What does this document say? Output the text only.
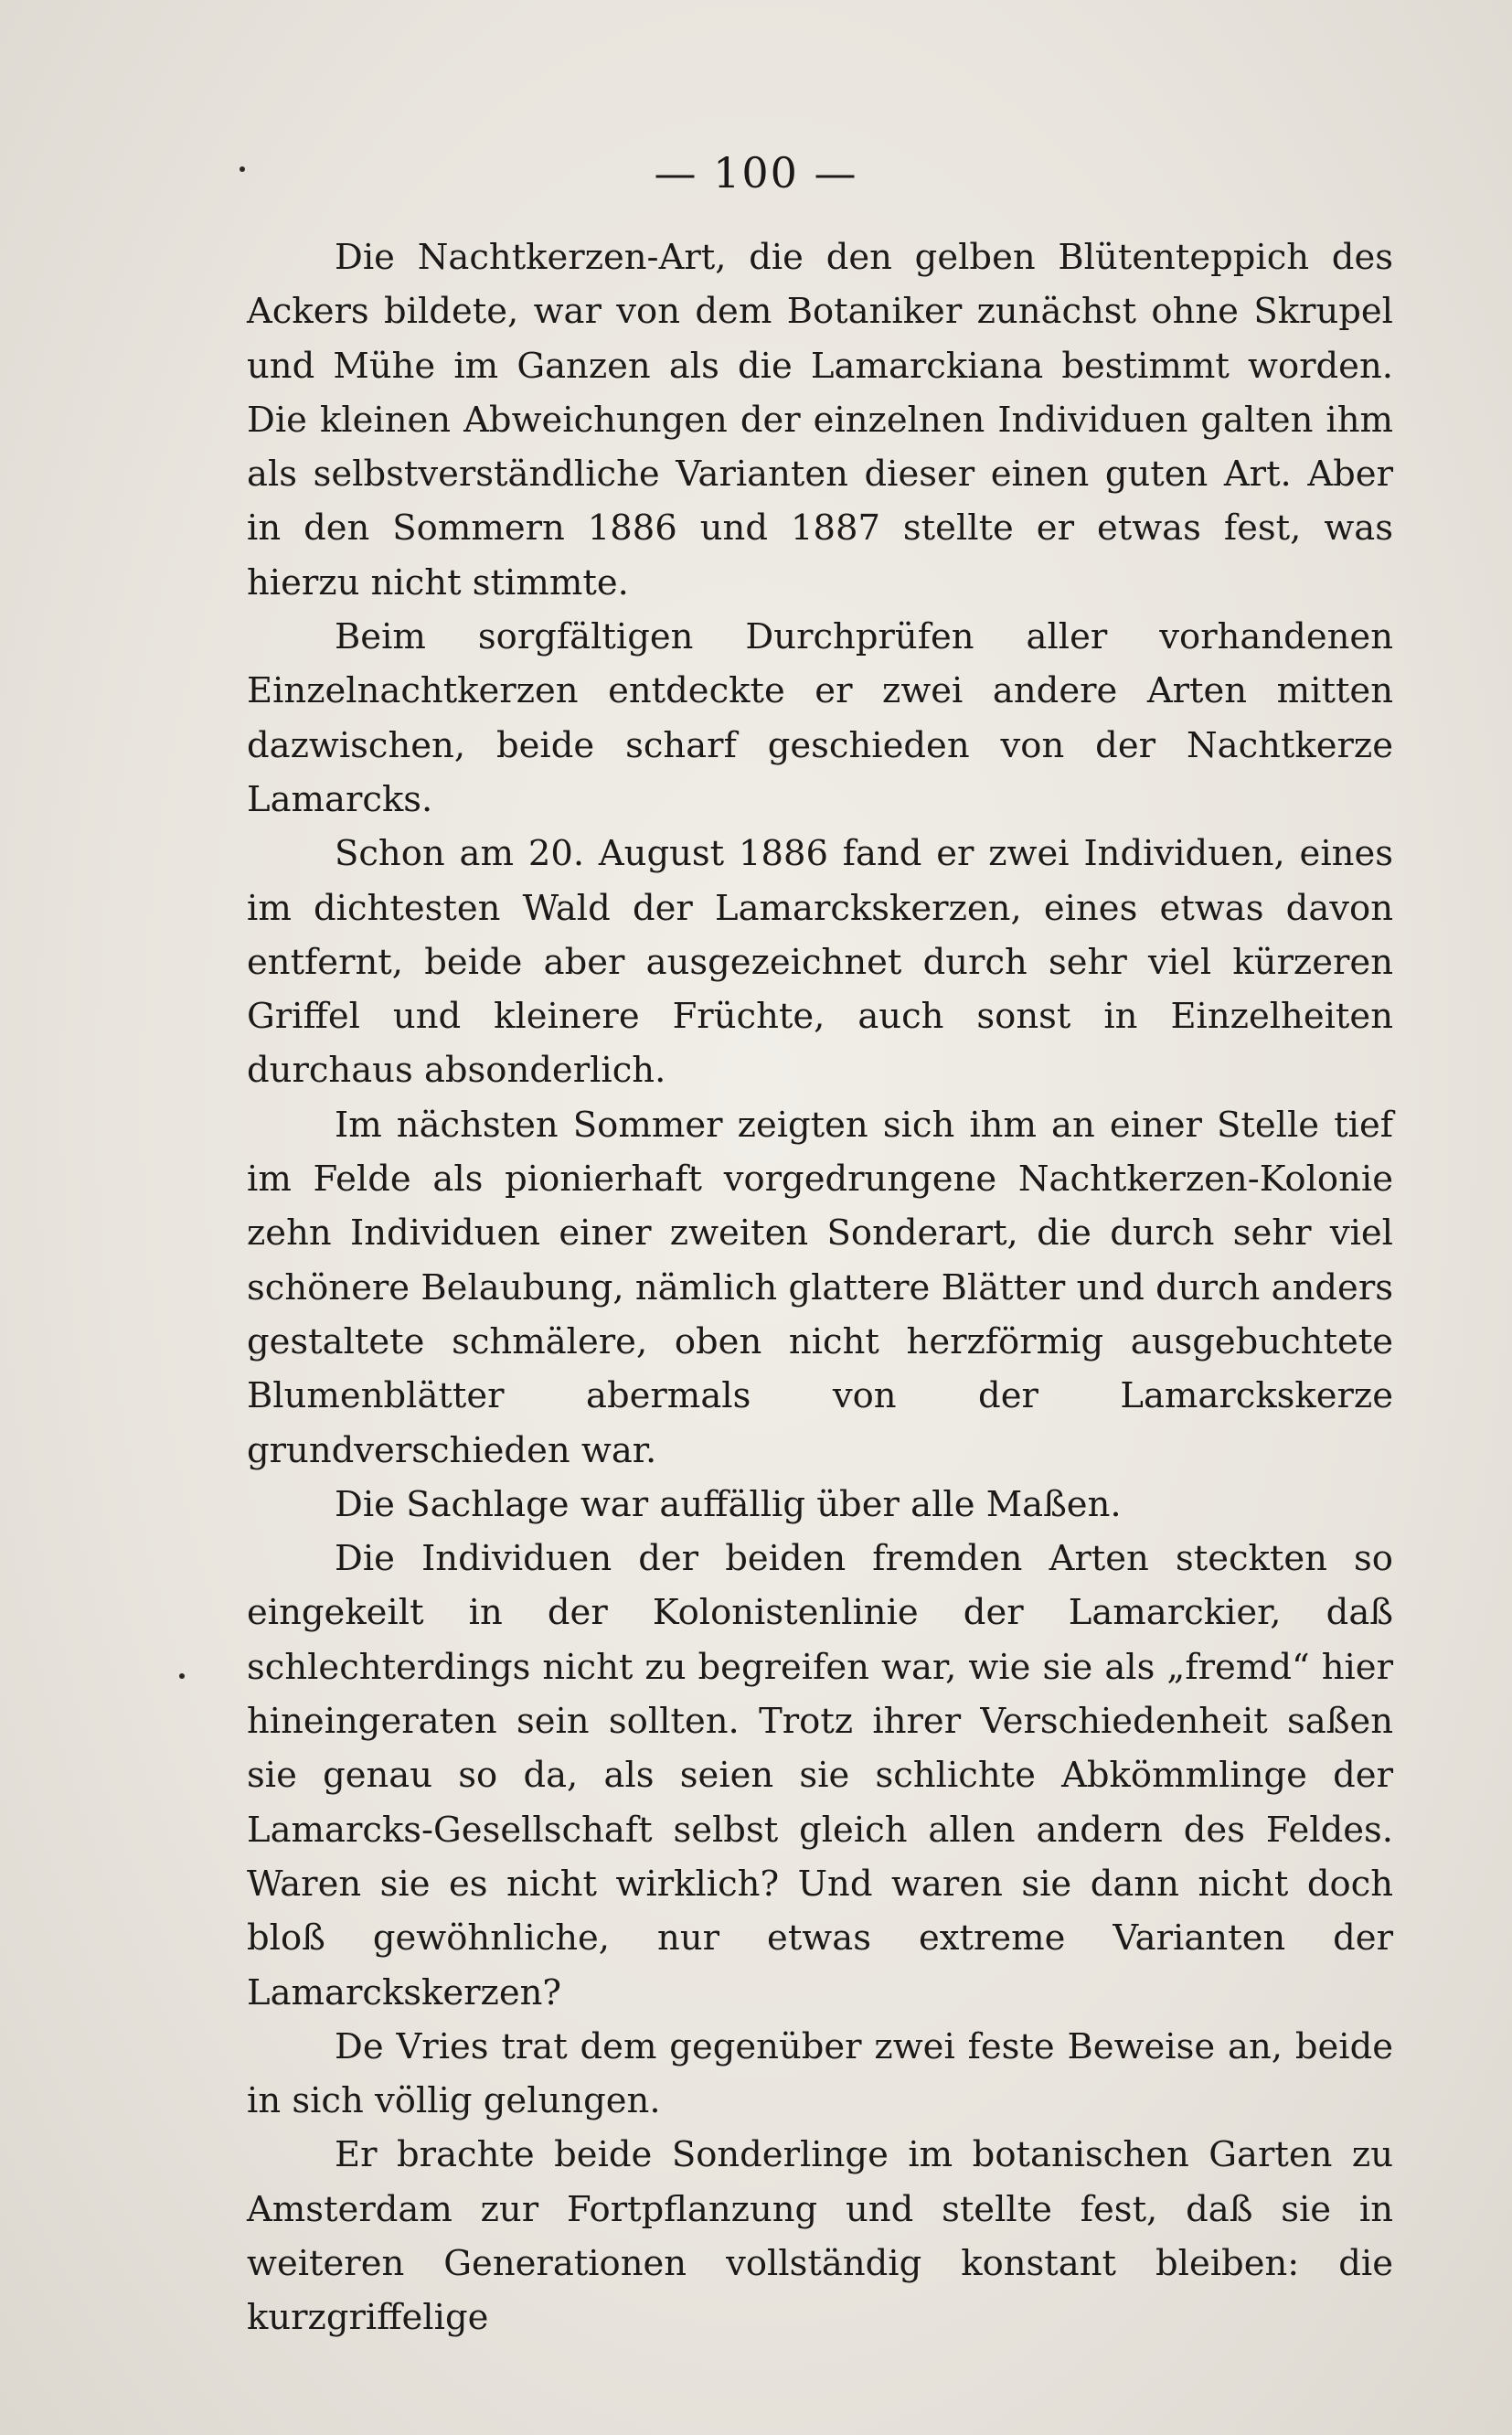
— 100 —

Die Nachtkerzen-Art, die den gelben Blütenteppich des Ackers bildete, war von dem Botaniker zunächst ohne Skrupel und Mühe im Ganzen als die Lamarckiana bestimmt worden. Die kleinen Abweichungen der einzelnen Individuen galten ihm als selbstverständliche Varianten dieser einen guten Art. Aber in den Sommern 1886 und 1887 stellte er etwas fest, was hierzu nicht stimmte.

Beim sorgfältigen Durchprüfen aller vorhandenen Einzelnachtkerzen entdeckte er zwei andere Arten mitten dazwischen, beide scharf geschieden von der Nachtkerze Lamarcks.

Schon am 20. August 1886 fand er zwei Individuen, eines im dichtesten Wald der Lamarckskerzen, eines etwas davon entfernt, beide aber ausgezeichnet durch sehr viel kürzeren Griffel und kleinere Früchte, auch sonst in Einzelheiten durchaus absonderlich.

Im nächsten Sommer zeigten sich ihm an einer Stelle tief im Felde als pionierhaft vorgedrungene Nachtkerzen-Kolonie zehn Individuen einer zweiten Sonderart, die durch sehr viel schönere Belaubung, nämlich glattere Blätter und durch anders gestaltete schmälere, oben nicht herzförmig ausgebuchtete Blumenblätter abermals von der Lamarckskerze grundverschieden war.

Die Sachlage war auffällig über alle Maßen.

Die Individuen der beiden fremden Arten steckten so eingekeilt in der Kolonistenlinie der Lamarckier, daß schlechterdings nicht zu begreifen war, wie sie als „fremd“ hier hineingeraten sein sollten. Trotz ihrer Verschiedenheit saßen sie genau so da, als seien sie schlichte Abkömmlinge der Lamarcks-Gesellschaft selbst gleich allen andern des Feldes. Waren sie es nicht wirklich? Und waren sie dann nicht doch bloß gewöhnliche, nur etwas extreme Varianten der Lamarckskerzen?

De Vries trat dem gegenüber zwei feste Beweise an, beide in sich völlig gelungen.

Er brachte beide Sonderlinge im botanischen Garten zu Amsterdam zur Fortpflanzung und stellte fest, daß sie in weiteren Generationen vollständig konstant bleiben: die kurzgriffelige
